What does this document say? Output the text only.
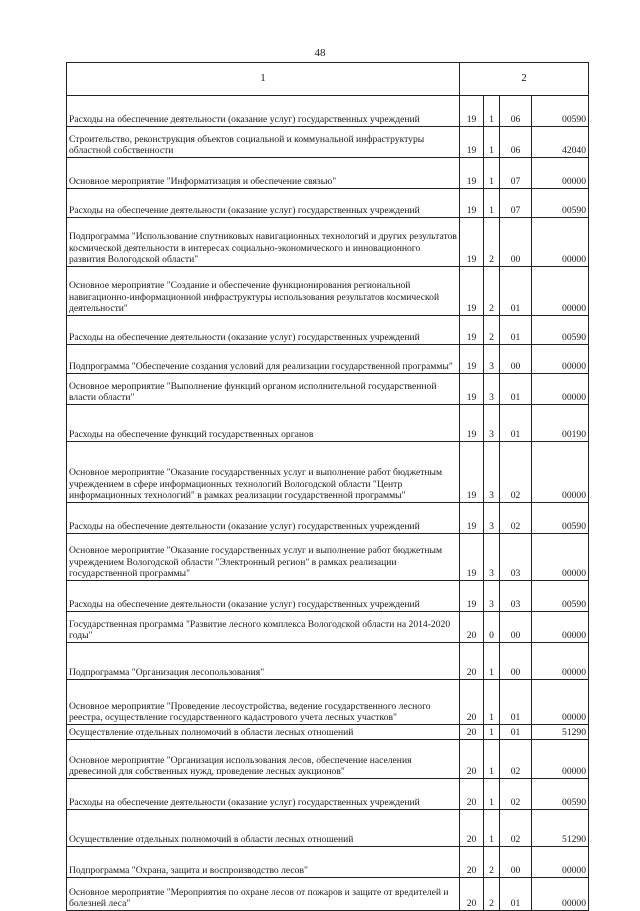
48
1	2			
Расходы на обеспечение деятельности (оказание услуг) государственных учреждений	19	1	06	00590
Строительство, реконструкция объектов социальной и коммунальной инфраструктуры областной собственности	19	1	06	42040
Основное мероприятие "Информатизация и обеспечение связью"	19	1	07	00000
Расходы на обеспечение деятельности (оказание услуг) государственных учреждений	19	1	07	00590
Подпрограмма "Использование спутниковых навигационных технологий и других результатов космической деятельности в интересах социально-экономического и инновационного развития Вологодской области"	19	2	00	00000
Основное мероприятие "Создание и обеспечение функционирования региональной навигационно-информационной инфраструктуры использования результатов космической деятельности"	19	2	01	00000
Расходы на обеспечение деятельности (оказание услуг) государственных учреждений	19	2	01	00590
Подпрограмма "Обеспечение создания условий для реализации государственной программы"	19	3	00	00000
Основное мероприятие "Выполнение функций органом исполнительной государственной власти области"	19	3	01	00000
Расходы на обеспечение функций государственных органов	19	3	01	00190
Основное мероприятие "Оказание государственных услуг и выполнение работ бюджетным учреждением в сфере информационных технологий Вологодской области "Центр информационных технологий" в рамках реализации государственной программы"	19	3	02	00000
Расходы на обеспечение деятельности (оказание услуг) государственных учреждений	19	3	02	00590
Основное мероприятие "Оказание государственных услуг и выполнение работ бюджетным учреждением Вологодской области "Электронный регион" в рамках реализации государственной программы"	19	3	03	00000
Расходы на обеспечение деятельности (оказание услуг) государственных учреждений	19	3	03	00590
Государственная программа "Развитие лесного комплекса Вологодской области на 2014-2020 годы"	20	0	00	00000
Подпрограмма "Организация лесопользования"	20	1	00	00000
Основное мероприятие "Проведение лесоустройства, ведение государственного лесного реестра, осуществление государственного кадастрового учета лесных участков"	20	1	01	00000
Осуществление отдельных полномочий в области лесных отношений	20	1	01	51290
Основное мероприятие "Организация использования лесов, обеспечение населения древесиной для собственных нужд, проведение лесных аукционов"	20	1	02	00000
Расходы на обеспечение деятельности (оказание услуг) государственных учреждений	20	1	02	00590
Осуществление отдельных полномочий в области лесных отношений	20	1	02	51290
Подпрограмма "Охрана, защита и воспроизводство лесов"	20	2	00	00000
Основное мероприятие "Мероприятия по охране лесов от пожаров и защите от вредителей и болезней леса"	20	2	01	00000
